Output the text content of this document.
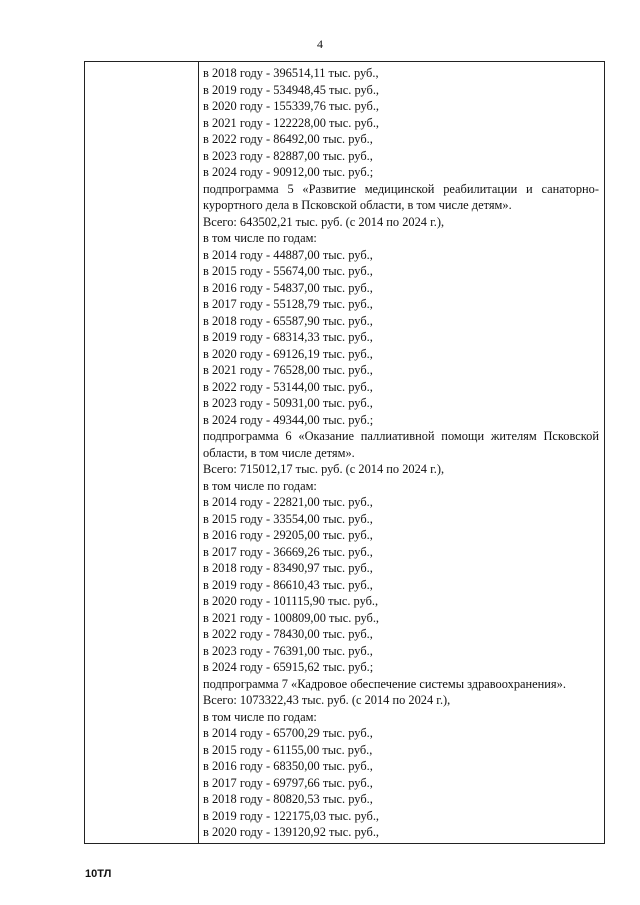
4
в 2018 году - 396514,11 тыс. руб.,
в 2019 году - 534948,45 тыс. руб.,
в 2020 году - 155339,76 тыс. руб.,
в 2021 году - 122228,00 тыс. руб.,
в 2022 году - 86492,00 тыс. руб.,
в 2023 году - 82887,00 тыс. руб.,
в 2024 году - 90912,00 тыс. руб.;
подпрограмма 5 «Развитие медицинской реабилитации и санаторно-курортного дела в Псковской области, в том числе детям».
Всего: 643502,21 тыс. руб. (с 2014 по 2024 г.),
в том числе по годам:
в 2014 году - 44887,00 тыс. руб.,
в 2015 году - 55674,00 тыс. руб.,
в 2016 году - 54837,00 тыс. руб.,
в 2017 году - 55128,79 тыс. руб.,
в 2018 году - 65587,90 тыс. руб.,
в 2019 году - 68314,33 тыс. руб.,
в 2020 году - 69126,19 тыс. руб.,
в 2021 году - 76528,00 тыс. руб.,
в 2022 году - 53144,00 тыс. руб.,
в 2023 году - 50931,00 тыс. руб.,
в 2024 году - 49344,00 тыс. руб.;
подпрограмма 6 «Оказание паллиативной помощи жителям Псковской области, в том числе детям».
Всего: 715012,17 тыс. руб. (с 2014 по 2024 г.),
в том числе по годам:
в 2014 году - 22821,00 тыс. руб.,
в 2015 году - 33554,00 тыс. руб.,
в 2016 году - 29205,00 тыс. руб.,
в 2017 году - 36669,26 тыс. руб.,
в 2018 году - 83490,97 тыс. руб.,
в 2019 году - 86610,43 тыс. руб.,
в 2020 году - 101115,90 тыс. руб.,
в 2021 году - 100809,00 тыс. руб.,
в 2022 году - 78430,00 тыс. руб.,
в 2023 году - 76391,00 тыс. руб.,
в 2024 году - 65915,62 тыс. руб.;
подпрограмма 7 «Кадровое обеспечение системы здравоохранения».
Всего: 1073322,43 тыс. руб. (с 2014 по 2024 г.),
в том числе по годам:
в 2014 году - 65700,29 тыс. руб.,
в 2015 году - 61155,00 тыс. руб.,
в 2016 году - 68350,00 тыс. руб.,
в 2017 году - 69797,66 тыс. руб.,
в 2018 году - 80820,53 тыс. руб.,
в 2019 году - 122175,03 тыс. руб.,
в 2020 году - 139120,92 тыс. руб.,
10ТЛ
